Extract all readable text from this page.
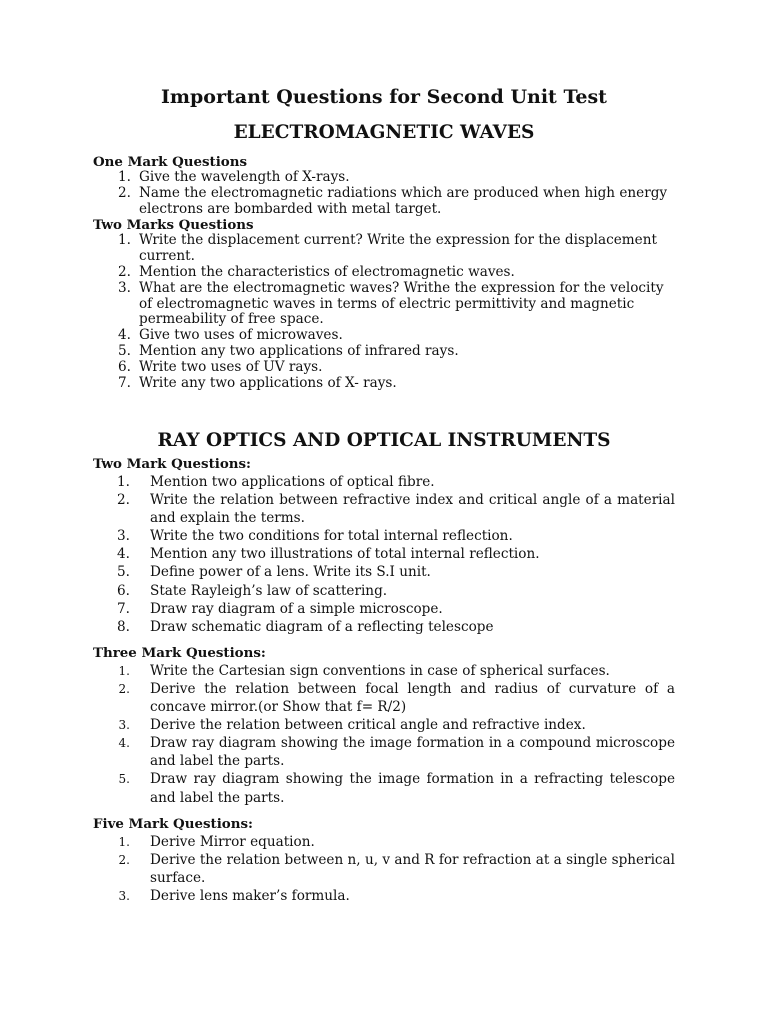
Important Questions for Second Unit Test
ELECTROMAGNETIC WAVES

One Mark Questions

1. Give the wavelength of X-rays.
2. Name the electromagnetic radiations which are produced when high energy electrons are bombarded with metal target.

Two Marks Questions

1. Write the displacement current? Write the expression for the displacement current.
2. Mention the characteristics of electromagnetic waves.
3. What are the electromagnetic waves? Writhe the expression for the velocity of electromagnetic waves in terms of electric permittivity and magnetic permeability of free space.
4. Give two uses of microwaves.
5. Mention any two applications of infrared rays.
6. Write two uses of UV rays.
7. Write any two applications of X- rays.
RAY OPTICS AND OPTICAL INSTRUMENTS

Two Mark Questions:

1. Mention two applications of optical fibre.
2. Write the relation between refractive index and critical angle of a material and explain the terms.
3. Write the two conditions for total internal reflection.
4. Mention any two illustrations of total internal reflection.
5. Define power of a lens. Write its S.I unit.
6. State Rayleigh’s law of scattering.
7. Draw ray diagram of a simple microscope.
8. Draw schematic diagram of a reflecting telescope

Three Mark Questions:

1. Write the Cartesian sign conventions in case of spherical surfaces.
2. Derive the relation between focal length and radius of curvature of a concave mirror.(or Show that f= R/2)
3. Derive the relation between critical angle and refractive index.
4. Draw ray diagram showing the image formation in a compound microscope and label the parts.
5. Draw ray diagram showing the image formation in a refracting telescope and label the parts.

Five Mark Questions:

1. Derive Mirror equation.
2. Derive the relation between n, u, v and R for refraction at a single spherical surface.
3. Derive lens maker’s formula.
